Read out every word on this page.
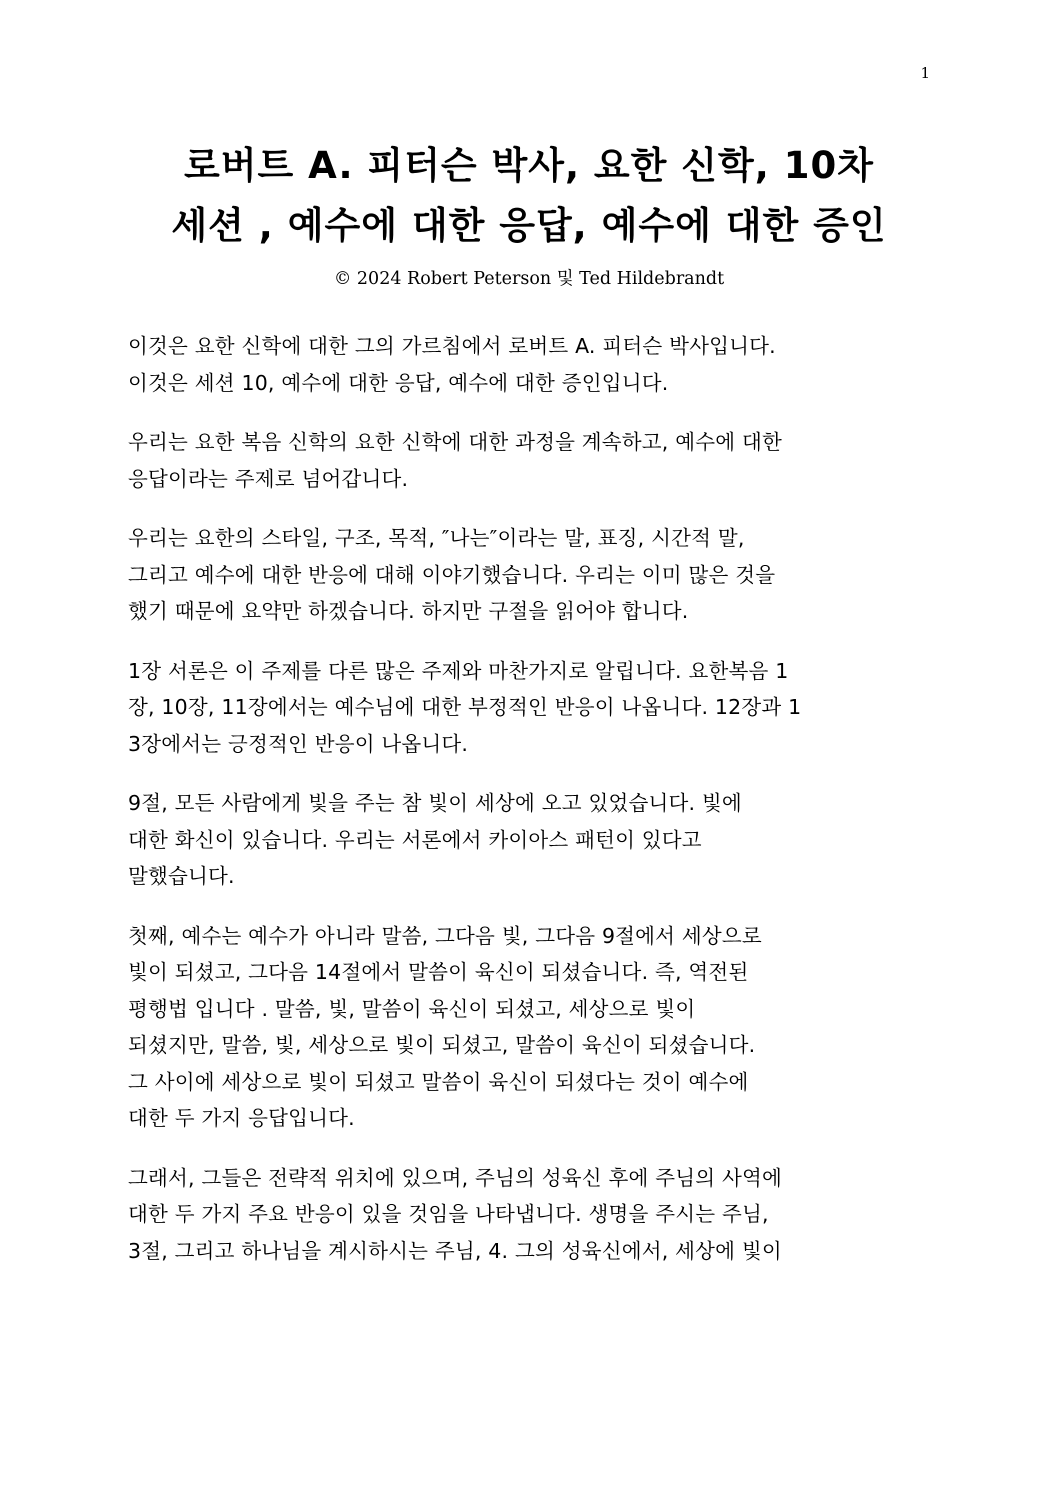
1
로버트 A. 피터슨 박사, 요한 신학, 10차
세션 , 예수에 대한 응답, 예수에 대한 증인
© 2024 Robert Peterson 및 Ted Hildebrandt

이것은 요한 신학에 대한 그의 가르침에서 로버트 A. 피터슨 박사입니다.
이것은 세션 10, 예수에 대한 응답, 예수에 대한 증인입니다.

우리는 요한 복음 신학의 요한 신학에 대한 과정을 계속하고, 예수에 대한
응답이라는 주제로 넘어갑니다.

우리는 요한의 스타일, 구조, 목적, ″나는″이라는 말, 표징, 시간적 말,
그리고 예수에 대한 반응에 대해 이야기했습니다. 우리는 이미 많은 것을
했기 때문에 요약만 하겠습니다. 하지만 구절을 읽어야 합니다.

1장 서론은 이 주제를 다른 많은 주제와 마찬가지로 알립니다. 요한복음 1
장, 10장, 11장에서는 예수님에 대한 부정적인 반응이 나옵니다. 12장과 1
3장에서는 긍정적인 반응이 나옵니다.

9절, 모든 사람에게 빛을 주는 참 빛이 세상에 오고 있었습니다. 빛에
대한 화신이 있습니다. 우리는 서론에서 카이아스 패턴이 있다고
말했습니다.

첫째, 예수는 예수가 아니라 말씀, 그다음 빛, 그다음 9절에서 세상으로
빛이 되셨고, 그다음 14절에서 말씀이 육신이 되셨습니다. 즉, 역전된
평행법 입니다 . 말씀, 빛, 말씀이 육신이 되셨고, 세상으로 빛이
되셨지만, 말씀, 빛, 세상으로 빛이 되셨고, 말씀이 육신이 되셨습니다.
그 사이에 세상으로 빛이 되셨고 말씀이 육신이 되셨다는 것이 예수에
대한 두 가지 응답입니다.

그래서, 그들은 전략적 위치에 있으며, 주님의 성육신 후에 주님의 사역에
대한 두 가지 주요 반응이 있을 것임을 나타냅니다. 생명을 주시는 주님,
3절, 그리고 하나님을 계시하시는 주님, 4. 그의 성육신에서, 세상에 빛이
